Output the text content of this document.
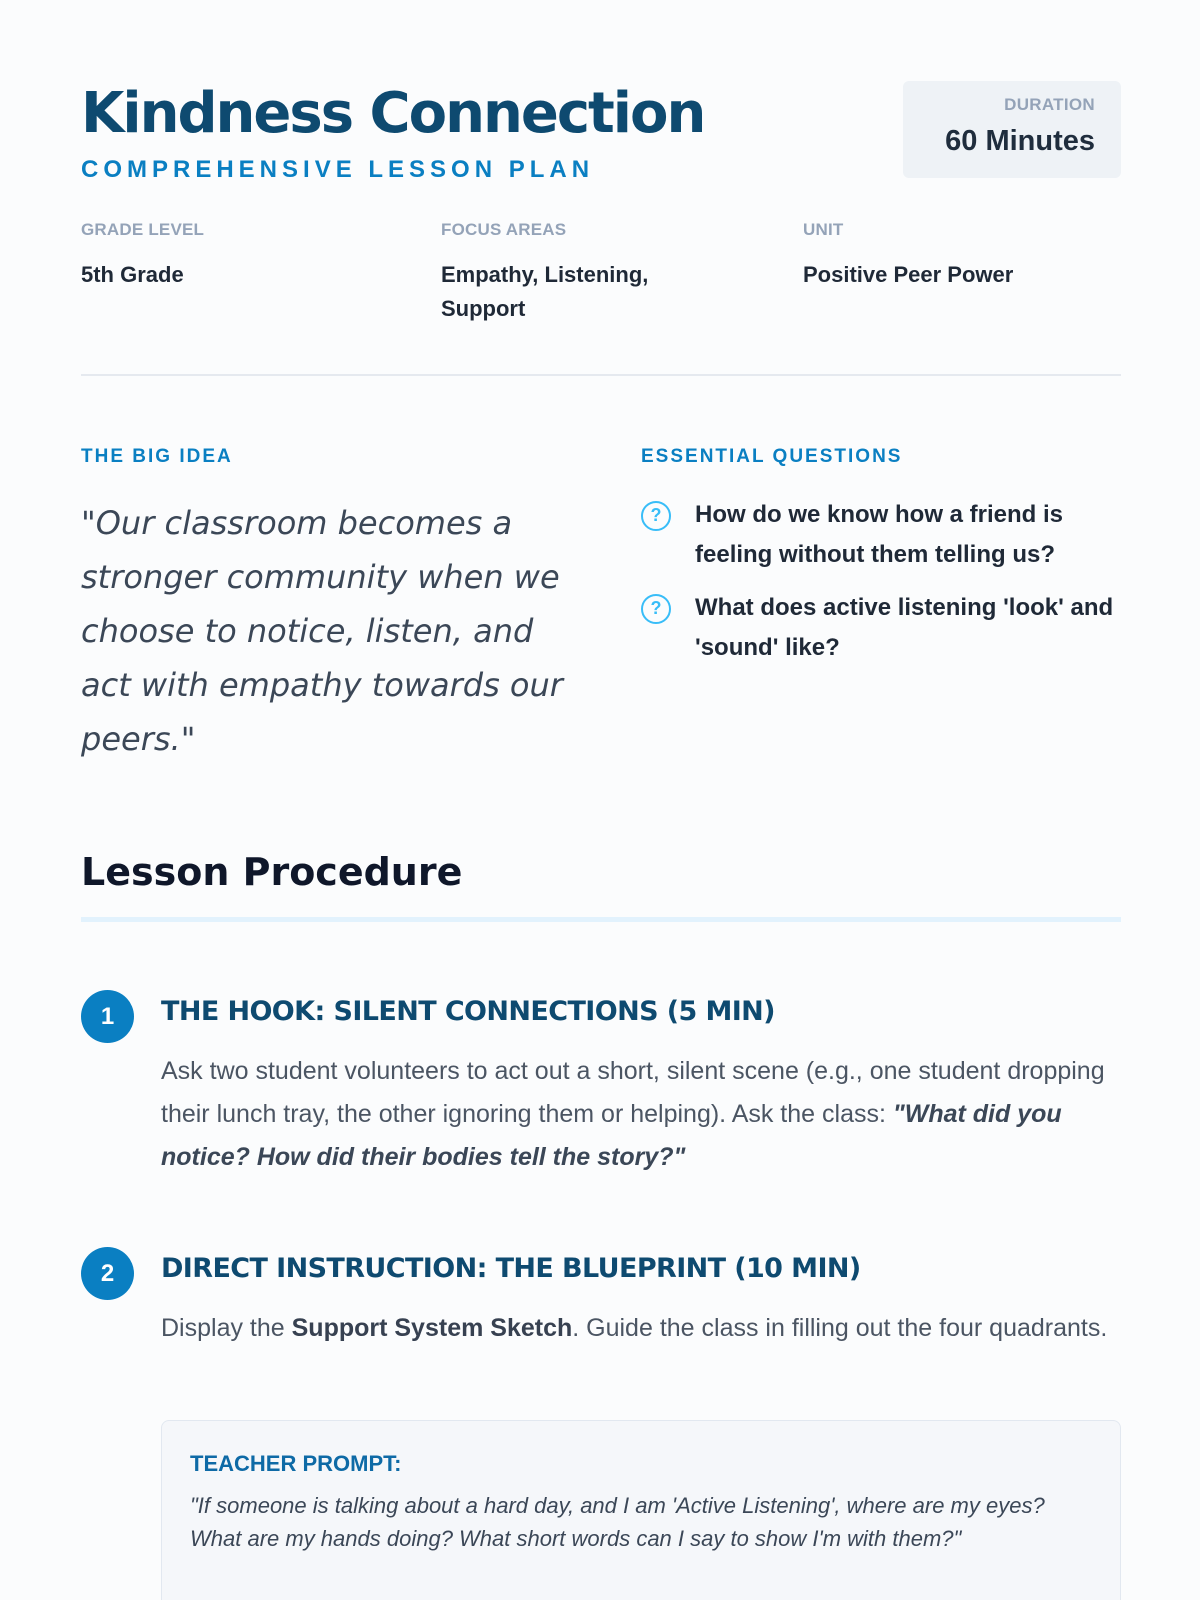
Kindness Connection
COMPREHENSIVE LESSON PLAN
DURATION
60 Minutes
GRADE LEVEL
5th Grade
FOCUS AREAS
Empathy, Listening, Support
UNIT
Positive Peer Power
THE BIG IDEA

"Our classroom becomes a stronger community when we choose to notice, listen, and act with empathy towards our peers."

ESSENTIAL QUESTIONS
?	How do we know how a friend is feeling without them telling us?
?	What does active listening 'look' and 'sound' like?
Lesson Procedure
1	THE HOOK: SILENT CONNECTIONS (5 MIN)

Ask two student volunteers to act out a short, silent scene (e.g., one student dropping their lunch tray, the other ignoring them or helping). Ask the class: "What did you notice? How did their bodies tell the story?"

2	DIRECT INSTRUCTION: THE BLUEPRINT (10 MIN)

Display the Support System Sketch. Guide the class in filling out the four quadrants.

TEACHER PROMPT:

"If someone is talking about a hard day, and I am 'Active Listening', where are my eyes? What are my hands doing? What short words can I say to show I'm with them?"
